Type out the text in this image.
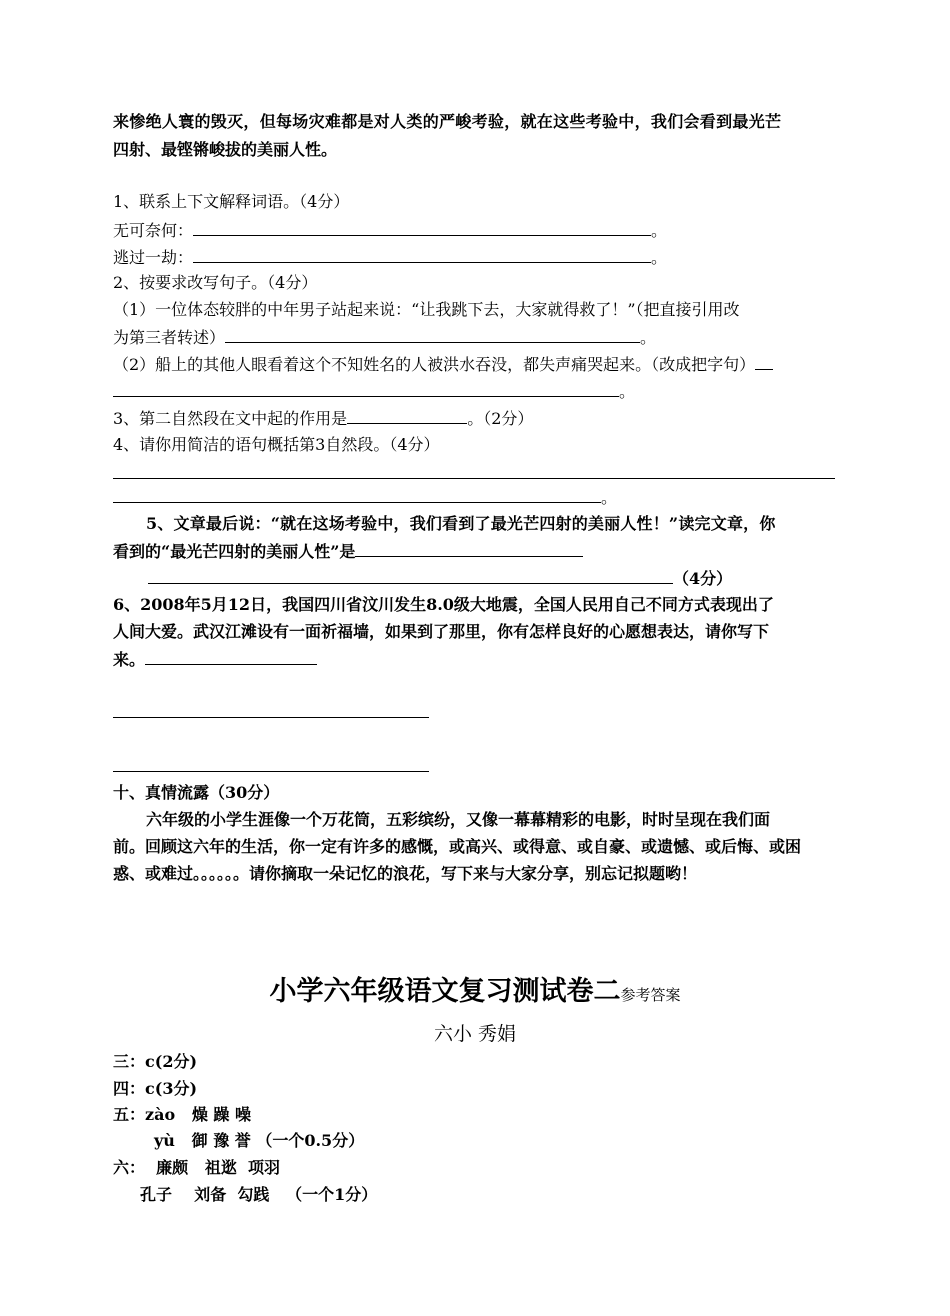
来惨绝人寰的毁灭，但每场灾难都是对人类的严峻考验，就在这些考验中，我们会看到最光芒
四射、最铿锵峻拔的美丽人性。
1、联系上下文解释词语。（4分）
无可奈何：	。
逃过一劫：	。
2、按要求改写句子。（4分）
（1）一位体态较胖的中年男子站起来说：“让我跳下去，大家就得救了！”（把直接引用改
为第三者转述）	。
（2）船上的其他人眼看着这个不知姓名的人被洪水吞没，都失声痛哭起来。（改成把字句）
。
3、第二自然段在文中起的作用是	。（2分）
4、请你用简洁的语句概括第3自然段。（4分）
。
5、文章最后说：“就在这场考验中，我们看到了最光芒四射的美丽人性！”读完文章，你
看到的“最光芒四射的美丽人性”是
（4分）
6、2008年5月12日，我国四川省汶川发生8.0级大地震，全国人民用自己不同方式表现出了
人间大爱。武汉江滩设有一面祈福墙，如果到了那里，你有怎样良好的心愿想表达，请你写下
来。
十、真情流露（30分）
六年级的小学生涯像一个万花筒，五彩缤纷，又像一幕幕精彩的电影，时时呈现在我们面
前。回顾这六年的生活，你一定有许多的感慨，或高兴、或得意、或自豪、或遗憾、或后悔、或困
惑、或难过。。。。。。请你摘取一朵记忆的浪花，写下来与大家分享，别忘记拟题哟！
小学六年级语文复习测试卷二参考答案
六小 秀娟
三：c(2分)
四：c(3分)
五：zào   燥 躁 噪
yù   御 豫 誉 （一个0.5分）
六：  廉颇   祖逖  项羽
孔子    刘备  勾践   （一个1分）
